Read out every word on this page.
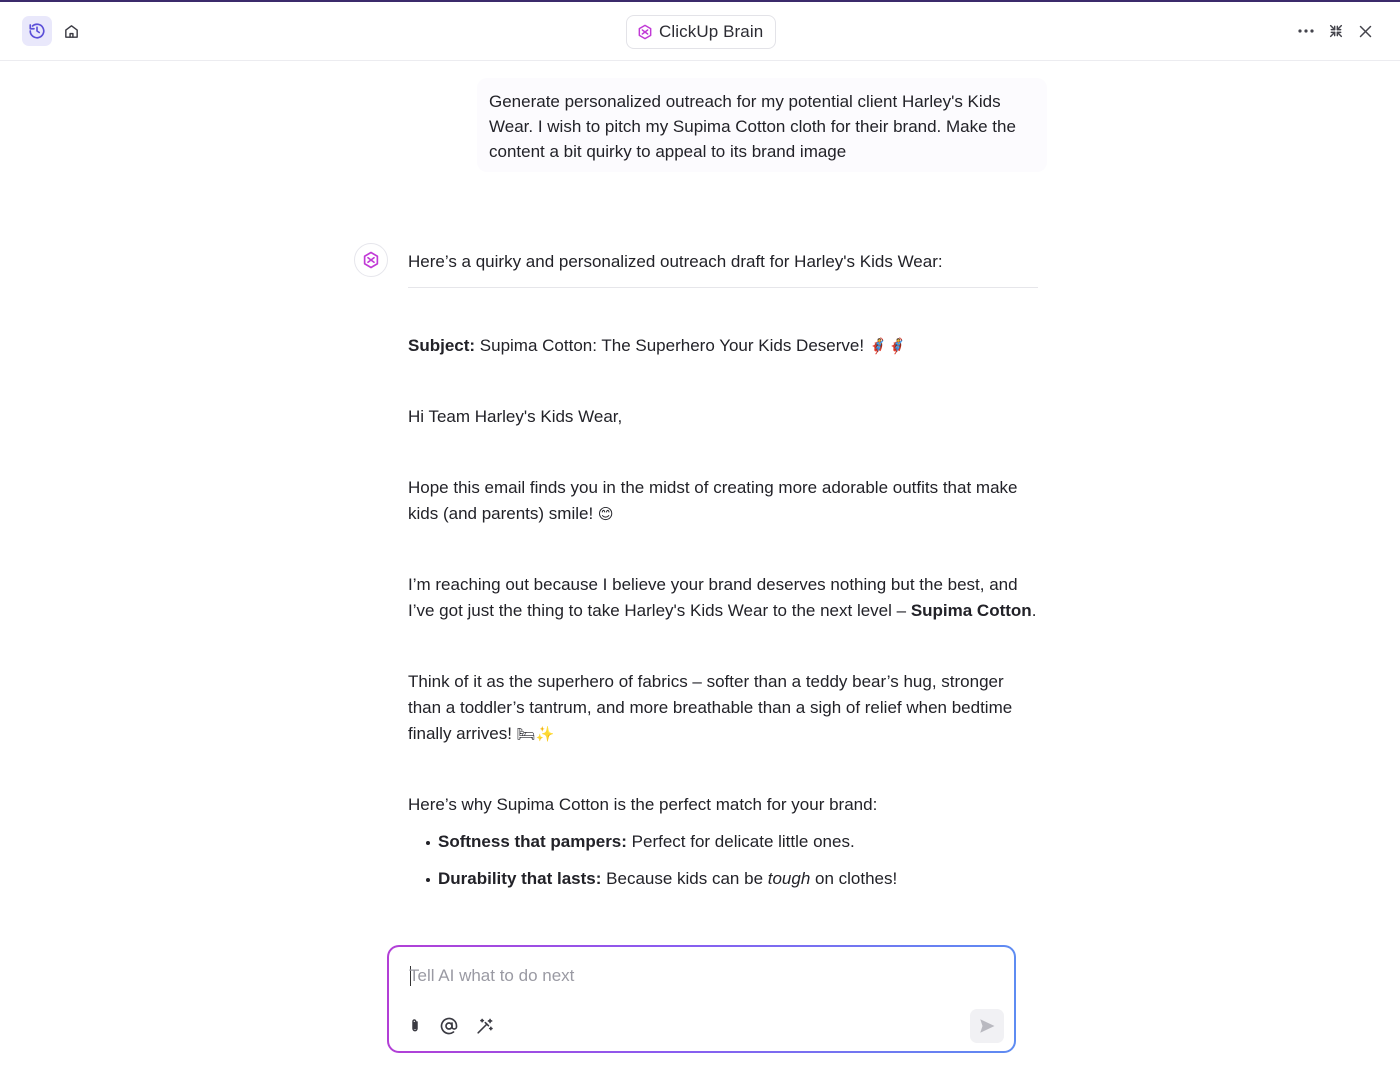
ClickUp Brain
Generate personalized outreach for my potential client Harley's Kids Wear. I wish to pitch my Supima Cotton cloth for their brand. Make the content a bit quirky to appeal to its brand image

Here’s a quirky and personalized outreach draft for Harley's Kids Wear:

Subject: Supima Cotton: The Superhero Your Kids Deserve! 🦸🦸

Hi Team Harley's Kids Wear,

Hope this email finds you in the midst of creating more adorable outfits that make kids (and parents) smile! 😊

I’m reaching out because I believe your brand deserves nothing but the best, and I’ve got just the thing to take Harley's Kids Wear to the next level – Supima Cotton.

Think of it as the superhero of fabrics – softer than a teddy bear’s hug, stronger than a toddler’s tantrum, and more breathable than a sigh of relief when bedtime finally arrives! 🛏✨

Here’s why Supima Cotton is the perfect match for your brand:

Softness that pampers: Perfect for delicate little ones.
Durability that lasts: Because kids can be tough on clothes!
Tell AI what to do next
